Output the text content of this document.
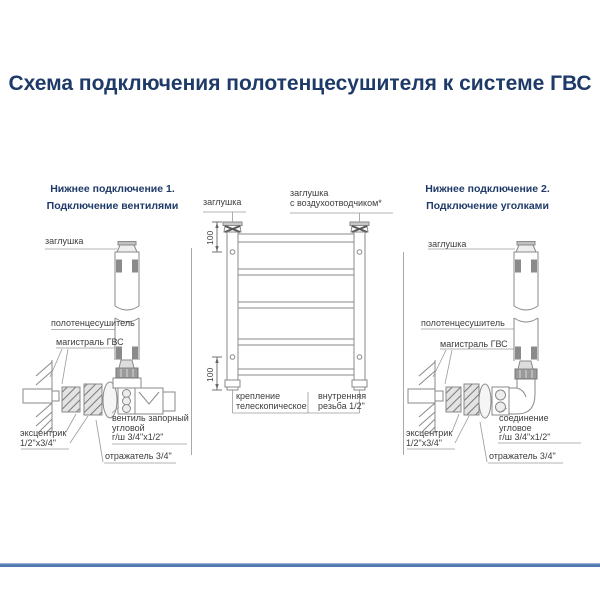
Схема подключения полотенцесушителя к системе ГВС
Нижнее подключение 1.
Подключение вентилями
Нижнее подключение 2.
Подключение уголками
100
100
заглушка
полотенцесушитель
магистраль ГВС
эксцентрик
1/2"x3/4"
вентиль запорный
угловой
г/ш 3/4"х1/2"
отражатель 3/4"
заглушка
заглушка
с воздухоотводчиком*
крепление
телескопическое
внутренняя
резьба 1/2"
заглушка
полотенцесушитель
магистраль ГВС
эксцентрик
1/2"x3/4"
соединение
угловое
г/ш 3/4"x1/2"
отражатель 3/4"
